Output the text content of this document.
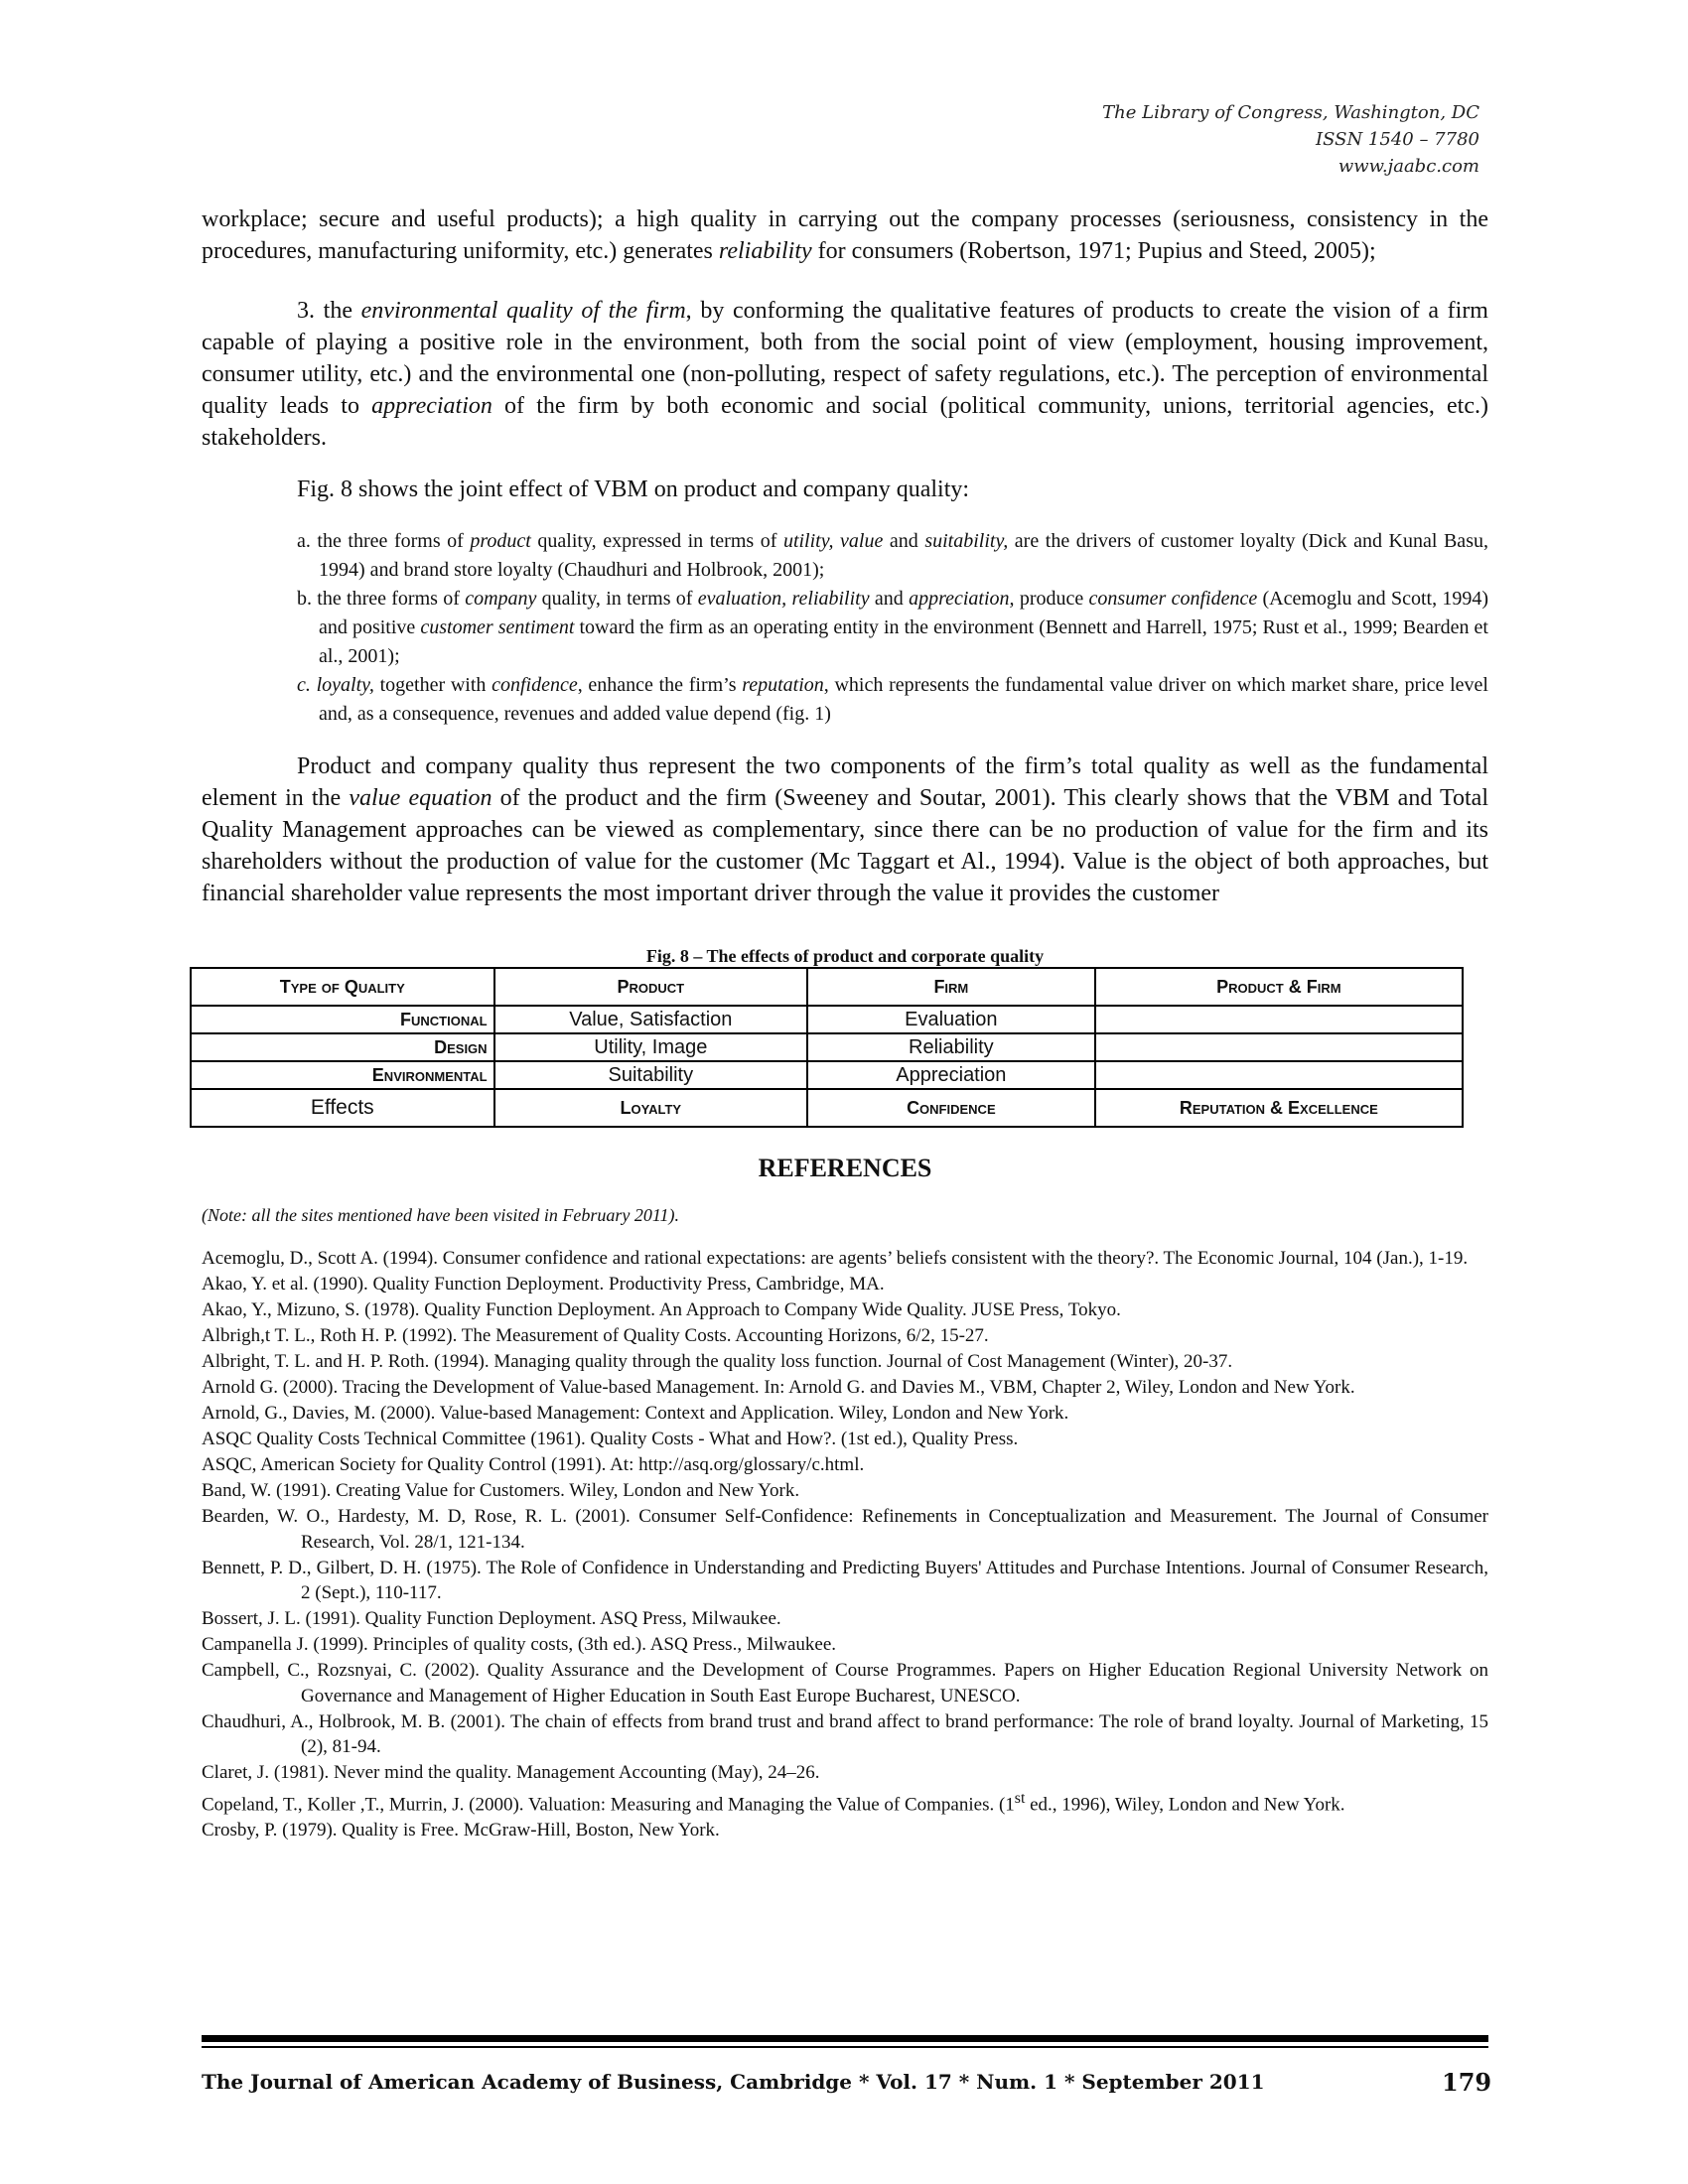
The Library of Congress, Washington, DC
ISSN 1540 – 7780
www.jaabc.com

workplace; secure and useful products); a high quality in carrying out the company processes (seriousness, consistency in the procedures, manufacturing uniformity, etc.) generates reliability for consumers (Robertson, 1971; Pupius and Steed, 2005);

3. the environmental quality of the firm, by conforming the qualitative features of products to create the vision of a firm capable of playing a positive role in the environment, both from the social point of view (employment, housing improvement, consumer utility, etc.) and the environmental one (non-polluting, respect of safety regulations, etc.). The perception of environmental quality leads to appreciation of the firm by both economic and social (political community, unions, territorial agencies, etc.) stakeholders.

Fig. 8 shows the joint effect of VBM on product and company quality:

a. the three forms of product quality, expressed in terms of utility, value and suitability, are the drivers of customer loyalty (Dick and Kunal Basu, 1994) and brand store loyalty (Chaudhuri and Holbrook, 2001);
b. the three forms of company quality, in terms of evaluation, reliability and appreciation, produce consumer confidence (Acemoglu and Scott, 1994) and positive customer sentiment toward the firm as an operating entity in the environment (Bennett and Harrell, 1975; Rust et al., 1999; Bearden et al., 2001);
c. loyalty, together with confidence, enhance the firm’s reputation, which represents the fundamental value driver on which market share, price level and, as a consequence, revenues and added value depend (fig. 1)

Product and company quality thus represent the two components of the firm’s total quality as well as the fundamental element in the value equation of the product and the firm (Sweeney and Soutar, 2001). This clearly shows that the VBM and Total Quality Management approaches can be viewed as complementary, since there can be no production of value for the firm and its shareholders without the production of value for the customer (Mc Taggart et Al., 1994). Value is the object of both approaches, but financial shareholder value represents the most important driver through the value it provides the customer

Fig. 8 – The effects of product and corporate quality
Type of Quality	Product	Firm	Product & Firm
Functional	Value, Satisfaction	Evaluation	
Design	Utility, Image	Reliability	
Environmental	Suitability	Appreciation	
Effects	Loyalty	Confidence	Reputation & Excellence
REFERENCES
(Note: all the sites mentioned have been visited in February 2011).
Acemoglu, D., Scott A. (1994). Consumer confidence and rational expectations: are agents’ beliefs consistent with the theory?. The Economic Journal, 104 (Jan.), 1-19.
Akao, Y. et al. (1990). Quality Function Deployment. Productivity Press, Cambridge, MA.
Akao, Y., Mizuno, S. (1978). Quality Function Deployment. An Approach to Company Wide Quality. JUSE Press, Tokyo.
Albrigh,t T. L., Roth H. P. (1992). The Measurement of Quality Costs. Accounting Horizons, 6/2, 15-27.
Albright, T. L. and H. P. Roth. (1994). Managing quality through the quality loss function. Journal of Cost Management (Winter), 20-37.
Arnold G. (2000). Tracing the Development of Value-based Management. In: Arnold G. and Davies M., VBM, Chapter 2, Wiley, London and New York.
Arnold, G., Davies, M. (2000). Value-based Management: Context and Application. Wiley, London and New York.
ASQC Quality Costs Technical Committee (1961). Quality Costs - What and How?. (1st ed.), Quality Press.
ASQC, American Society for Quality Control (1991). At: http://asq.org/glossary/c.html.
Band, W. (1991). Creating Value for Customers. Wiley, London and New York.
Bearden, W. O., Hardesty, M. D, Rose, R. L. (2001). Consumer Self-Confidence: Refinements in Conceptualization and Measurement. The Journal of Consumer Research, Vol. 28/1, 121-134.
Bennett, P. D., Gilbert, D. H. (1975). The Role of Confidence in Understanding and Predicting Buyers' Attitudes and Purchase Intentions. Journal of Consumer Research, 2 (Sept.), 110-117.
Bossert, J. L. (1991). Quality Function Deployment. ASQ Press, Milwaukee.
Campanella J. (1999). Principles of quality costs, (3th ed.). ASQ Press., Milwaukee.
Campbell, C., Rozsnyai, C. (2002). Quality Assurance and the Development of Course Programmes. Papers on Higher Education Regional University Network on Governance and Management of Higher Education in South East Europe Bucharest, UNESCO.
Chaudhuri, A., Holbrook, M. B. (2001). The chain of effects from brand trust and brand affect to brand performance: The role of brand loyalty. Journal of Marketing, 15 (2), 81-94.
Claret, J. (1981). Never mind the quality. Management Accounting (May), 24–26.
Copeland, T., Koller ,T., Murrin, J. (2000). Valuation: Measuring and Managing the Value of Companies. (1st ed., 1996), Wiley, London and New York.
Crosby, P. (1979). Quality is Free. McGraw-Hill, Boston, New York.
The Journal of American Academy of Business, Cambridge * Vol. 17 * Num. 1 * September 2011	179
